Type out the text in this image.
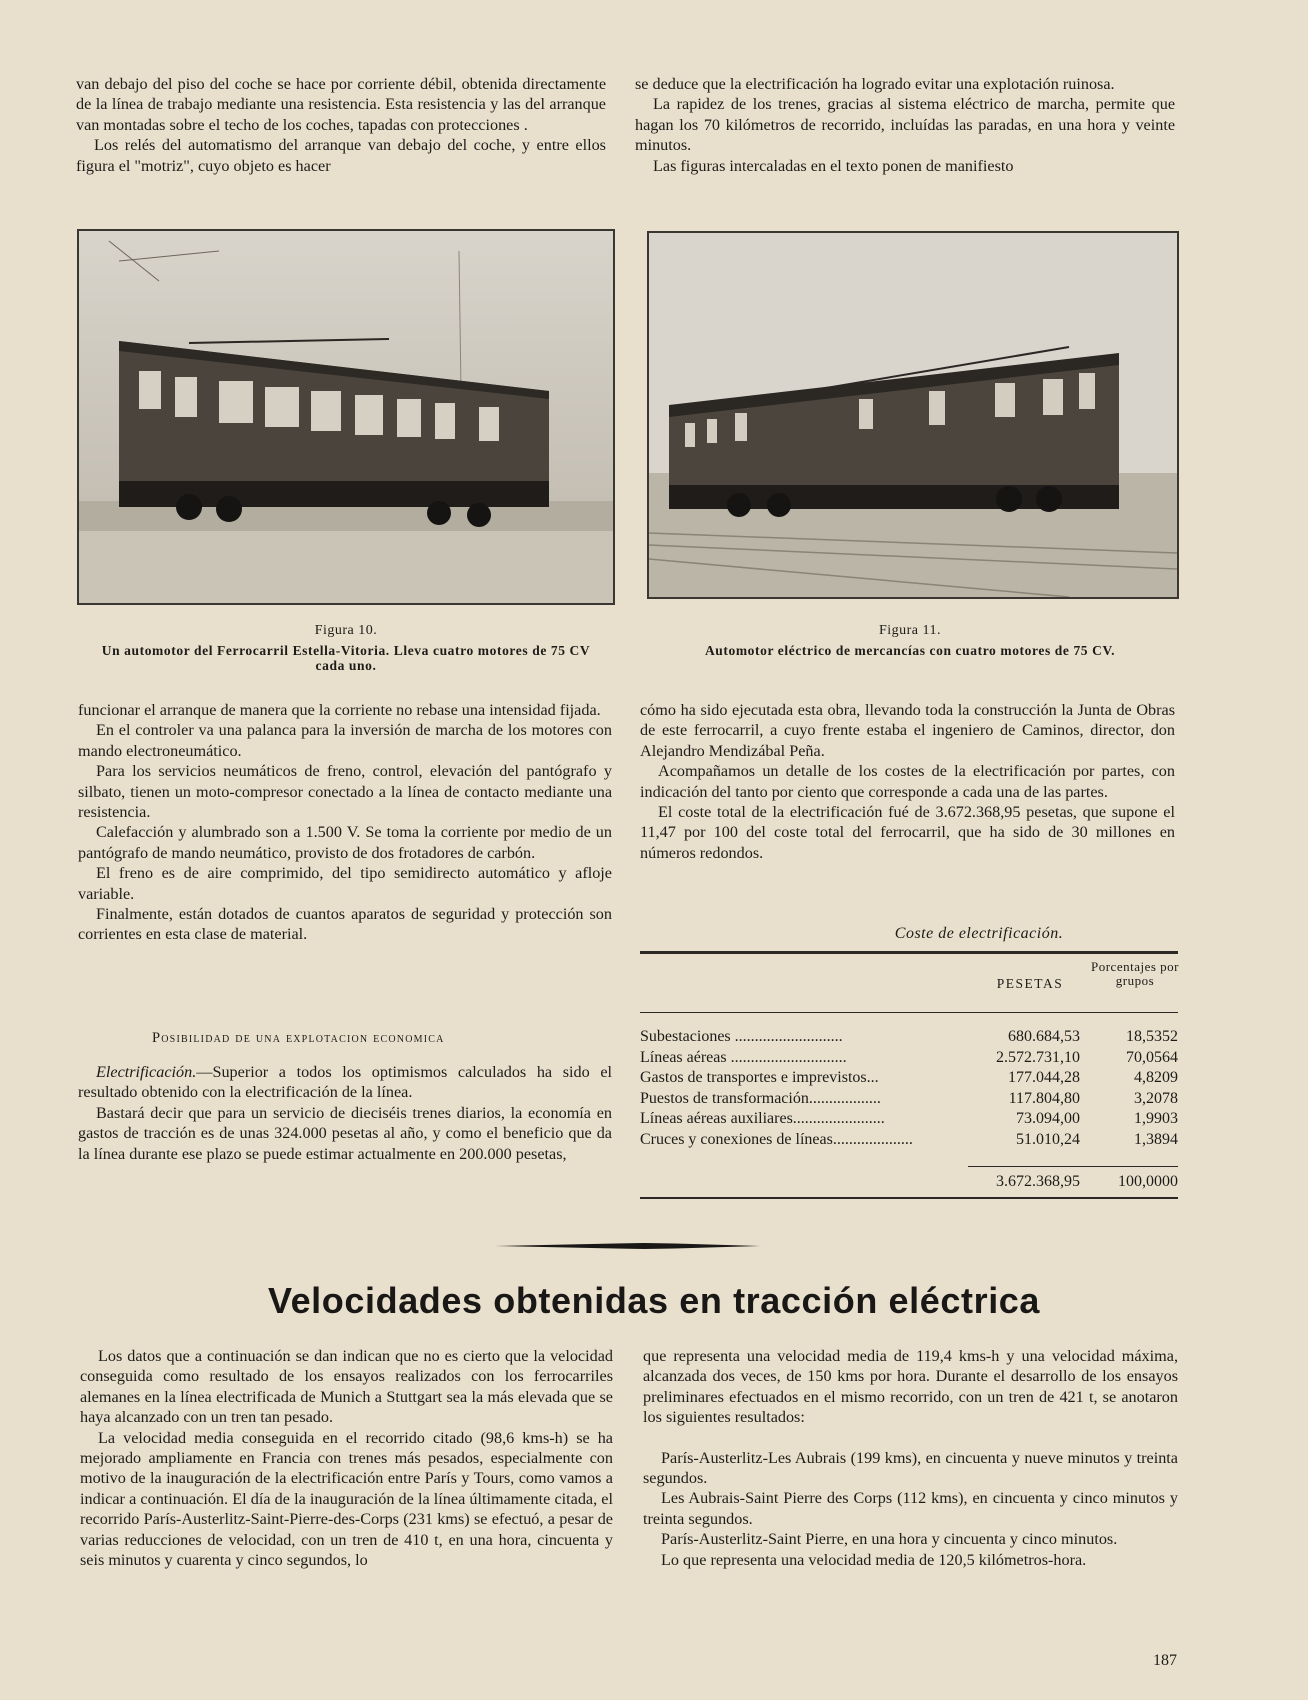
van debajo del piso del coche se hace por corriente débil, obtenida directamente de la línea de trabajo mediante una resistencia. Esta resistencia y las del arranque van montadas sobre el techo de los coches, tapadas con protecciones .

Los relés del automatismo del arranque van debajo del coche, y entre ellos figura el "motriz", cuyo objeto es hacer

se deduce que la electrificación ha logrado evitar una explotación ruinosa.

La rapidez de los trenes, gracias al sistema eléctrico de marcha, permite que hagan los 70 kilómetros de recorrido, incluídas las paradas, en una hora y veinte minutos.

Las figuras intercaladas en el texto ponen de manifiesto

Figura 10.
Un automotor del Ferrocarril Estella-Vitoria. Lleva cuatro motores de 75 CV cada uno.
Figura 11.
Automotor eléctrico de mercancías con cuatro motores de 75 CV.

funcionar el arranque de manera que la corriente no rebase una intensidad fijada.

En el controler va una palanca para la inversión de marcha de los motores con mando electroneumático.

Para los servicios neumáticos de freno, control, elevación del pantógrafo y silbato, tienen un moto-compresor conectado a la línea de contacto mediante una resistencia.

Calefacción y alumbrado son a 1.500 V. Se toma la corriente por medio de un pantógrafo de mando neumático, provisto de dos frotadores de carbón.

El freno es de aire comprimido, del tipo semidirecto automático y afloje variable.

Finalmente, están dotados de cuantos aparatos de seguridad y protección son corrientes en esta clase de material.

Posibilidad de una explotacion economica

Electrificación.—Superior a todos los optimismos calculados ha sido el resultado obtenido con la electrificación de la línea.

Bastará decir que para un servicio de dieciséis trenes diarios, la economía en gastos de tracción es de unas 324.000 pesetas al año, y como el beneficio que da la línea durante ese plazo se puede estimar actualmente en 200.000 pesetas,

cómo ha sido ejecutada esta obra, llevando toda la construcción la Junta de Obras de este ferrocarril, a cuyo frente estaba el ingeniero de Caminos, director, don Alejandro Mendizábal Peña.

Acompañamos un detalle de los costes de la electrificación por partes, con indicación del tanto por ciento que corresponde a cada una de las partes.

El coste total de la electrificación fué de 3.672.368,95 pesetas, que supone el 11,47 por 100 del coste total del ferrocarril, que ha sido de 30 millones en números redondos.

Coste de electrificación.
PESETAS
Porcentajes por grupos
Subestaciones ...........................	680.684,53	18,5352
Líneas aéreas .............................	2.572.731,10	70,0564
Gastos de transportes e imprevistos...	177.044,28	4,8209
Puestos de transformación..................	117.804,80	3,2078
Líneas aéreas auxiliares.......................	73.094,00	1,9903
Cruces y conexiones de líneas....................	51.010,24	1,3894
3.672.368,95	100,0000
Velocidades obtenidas en tracción eléctrica

Los datos que a continuación se dan indican que no es cierto que la velocidad conseguida como resultado de los ensayos realizados con los ferrocarriles alemanes en la línea electrificada de Munich a Stuttgart sea la más elevada que se haya alcanzado con un tren tan pesado.

La velocidad media conseguida en el recorrido citado (98,6 kms-h) se ha mejorado ampliamente en Francia con trenes más pesados, especialmente con motivo de la inauguración de la electrificación entre París y Tours, como vamos a indicar a continuación. El día de la inauguración de la línea últimamente citada, el recorrido París-Austerlitz-Saint-Pierre-des-Corps (231 kms) se efectuó, a pesar de varias reducciones de velocidad, con un tren de 410 t, en una hora, cincuenta y seis minutos y cuarenta y cinco segundos, lo

que representa una velocidad media de 119,4 kms-h y una velocidad máxima, alcanzada dos veces, de 150 kms por hora. Durante el desarrollo de los ensayos preliminares efectuados en el mismo recorrido, con un tren de 421 t, se anotaron los siguientes resultados:

París-Austerlitz-Les Aubrais (199 kms), en cincuenta y nueve minutos y treinta segundos.

Les Aubrais-Saint Pierre des Corps (112 kms), en cincuenta y cinco minutos y treinta segundos.

París-Austerlitz-Saint Pierre, en una hora y cincuenta y cinco minutos.

Lo que representa una velocidad media de 120,5 kilómetros-hora.

187
